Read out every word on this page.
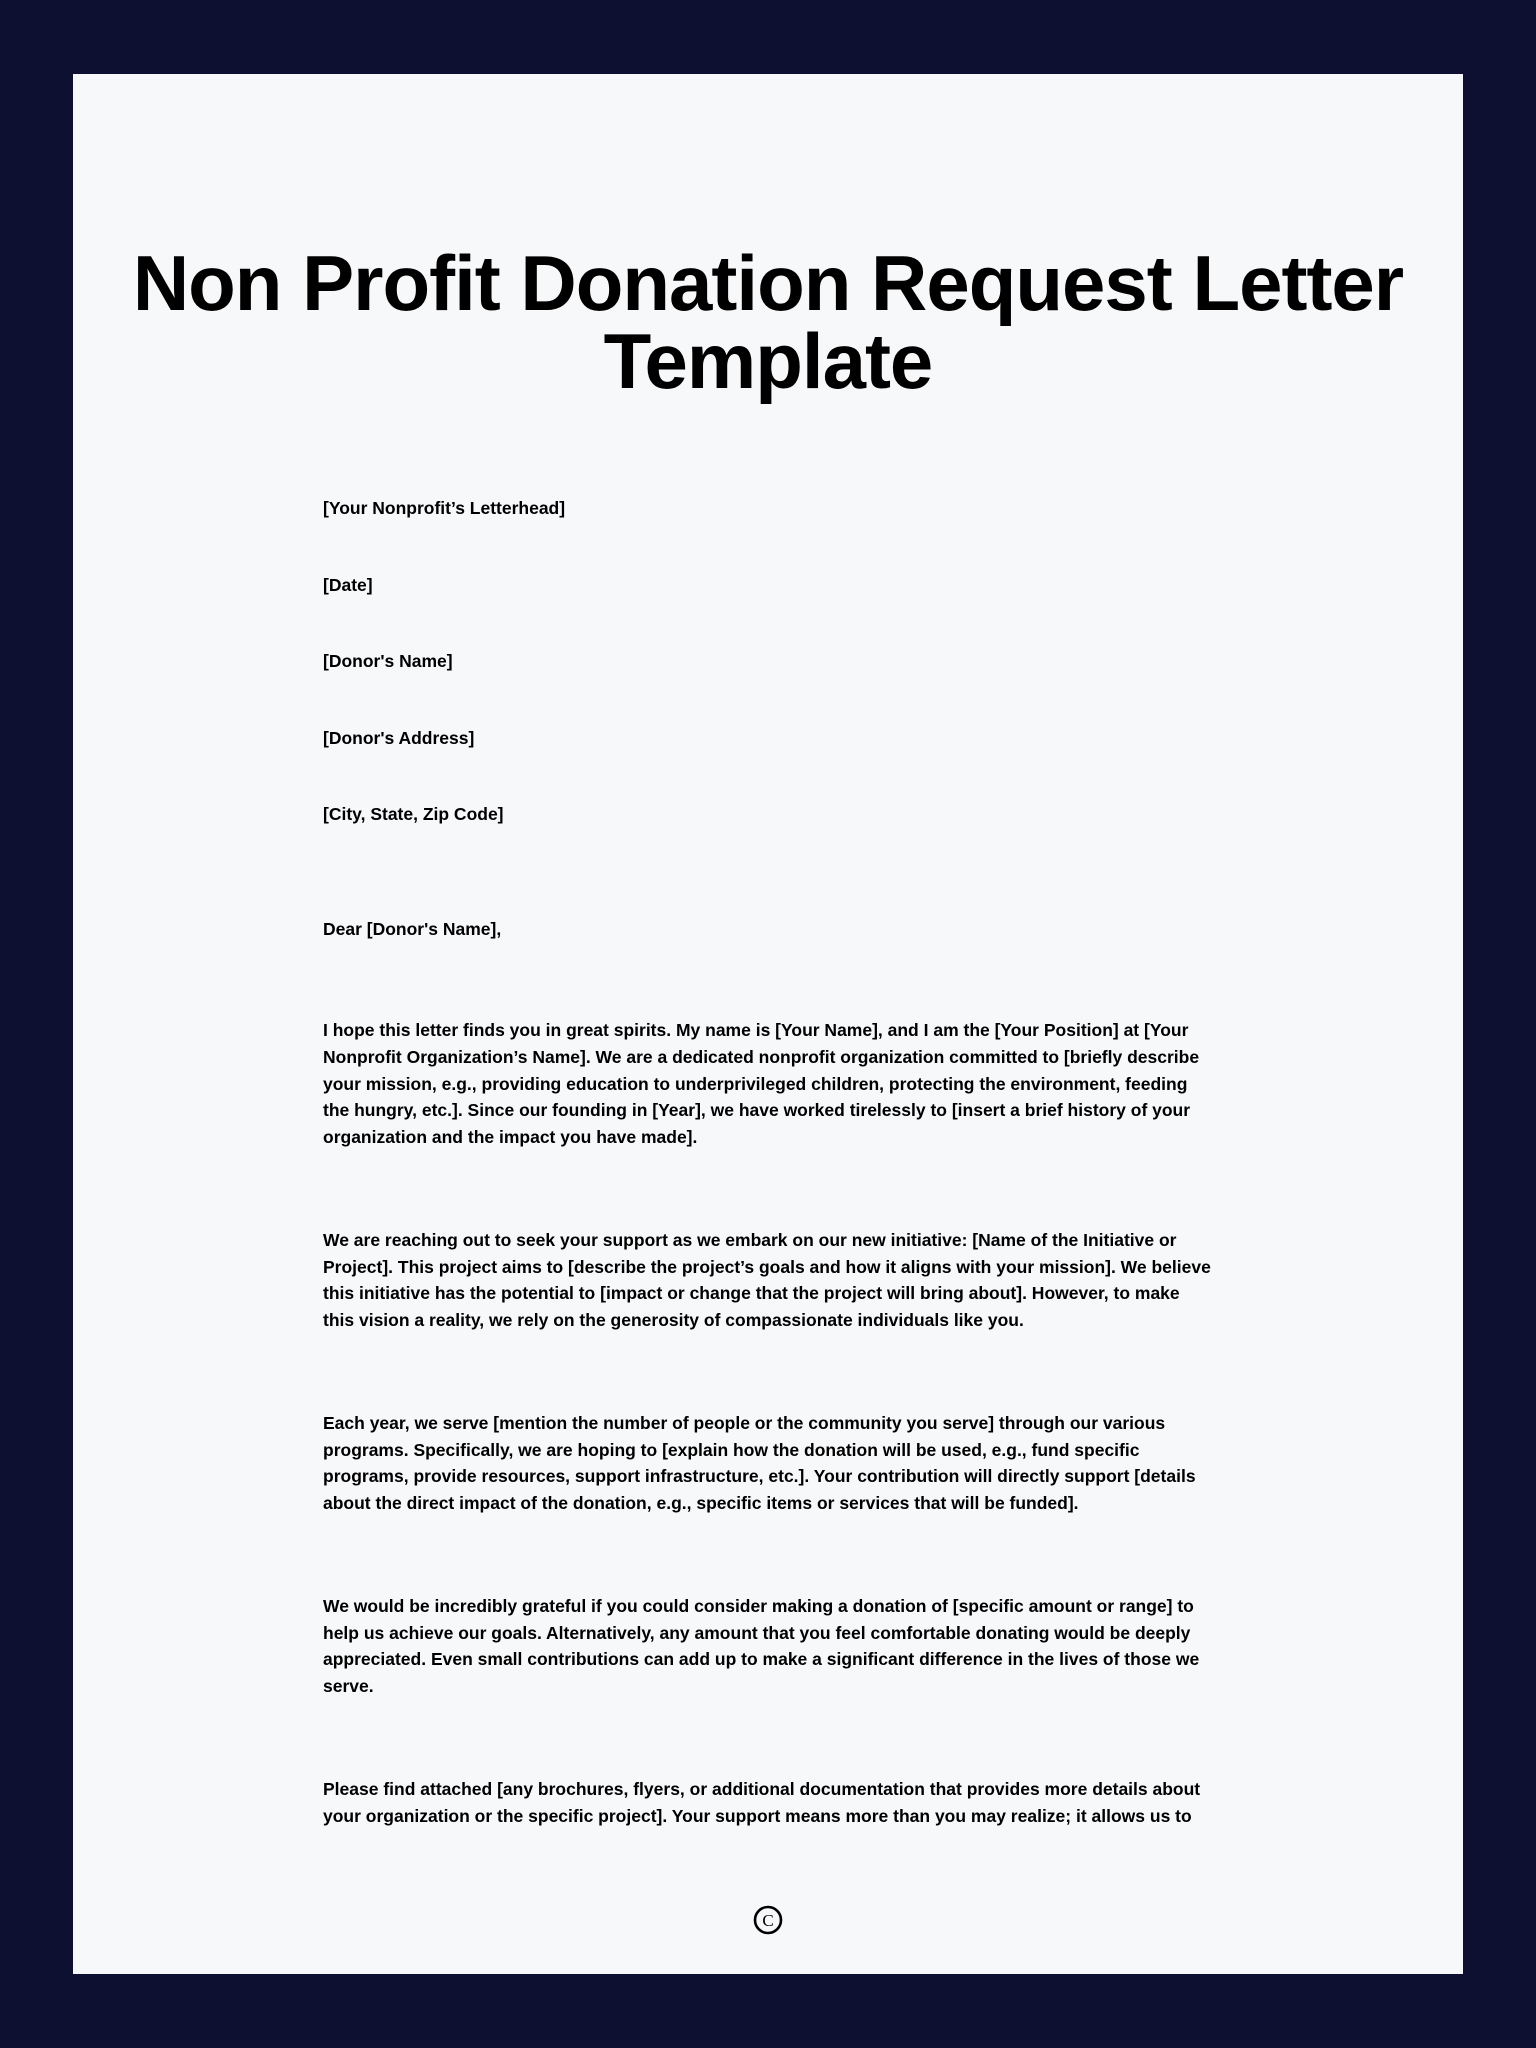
Non Profit Donation Request Letter Template
[Your Nonprofit’s Letterhead]
[Date]
[Donor's Name]
[Donor's Address]
[City, State, Zip Code]
Dear [Donor's Name],

I hope this letter finds you in great spirits. My name is [Your Name], and I am the [Your Position] at [Your Nonprofit Organization’s Name]. We are a dedicated nonprofit organization committed to [briefly describe your mission, e.g., providing education to underprivileged children, protecting the environment, feeding the hungry, etc.]. Since our founding in [Year], we have worked tirelessly to [insert a brief history of your organization and the impact you have made].

We are reaching out to seek your support as we embark on our new initiative: [Name of the Initiative or Project]. This project aims to [describe the project’s goals and how it aligns with your mission]. We believe this initiative has the potential to [impact or change that the project will bring about]. However, to make this vision a reality, we rely on the generosity of compassionate individuals like you.

Each year, we serve [mention the number of people or the community you serve] through our various programs. Specifically, we are hoping to [explain how the donation will be used, e.g., fund specific programs, provide resources, support infrastructure, etc.]. Your contribution will directly support [details about the direct impact of the donation, e.g., specific items or services that will be funded].

We would be incredibly grateful if you could consider making a donation of [specific amount or range] to help us achieve our goals. Alternatively, any amount that you feel comfortable donating would be deeply appreciated. Even small contributions can add up to make a significant difference in the lives of those we serve.

Please find attached [any brochures, flyers, or additional documentation that provides more details about your organization or the specific project]. Your support means more than you may realize; it allows us to

C
